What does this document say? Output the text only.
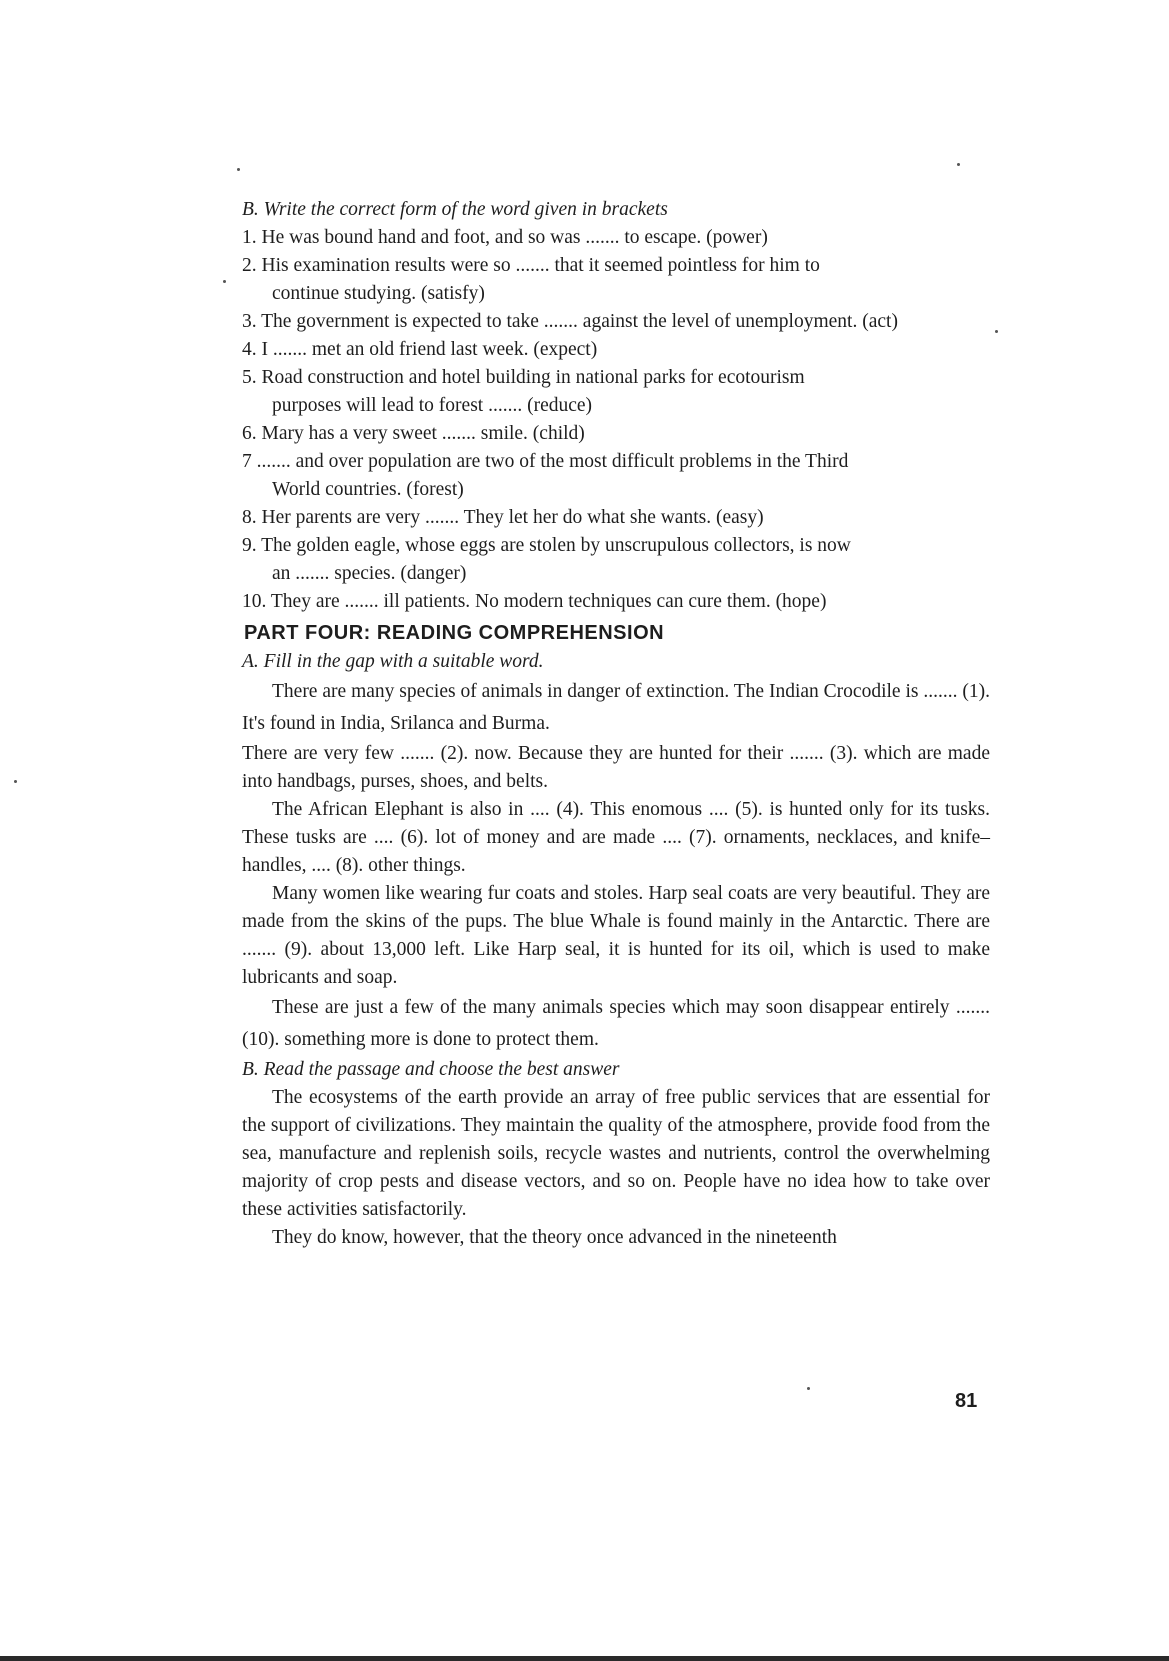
B. Write the correct form of the word given in brackets

1. He was bound hand and foot, and so was ....... to escape. (power)

2. His examination results were so ....... that it seemed pointless for him to
continue studying. (satisfy)

3. The government is expected to take ....... against the level of unemployment. (act)

4. I ....... met an old friend last week. (expect)

5. Road construction and hotel building in national parks for ecotourism
purposes will lead to forest ....... (reduce)

6. Mary has a very sweet ....... smile. (child)

7 ....... and over population are two of the most difficult problems in the Third
World countries. (forest)

8. Her parents are very ....... They let her do what she wants. (easy)

9. The golden eagle, whose eggs are stolen by unscrupulous collectors, is now
an ....... species. (danger)

10. They are ....... ill patients. No modern techniques can cure them. (hope)

PART FOUR: READING COMPREHENSION

A. Fill in the gap with a suitable word.

There are many species of animals in danger of extinction. The Indian Crocodile is ....... (1). It's found in India, Srilanca and Burma.

There are very few ....... (2). now. Because they are hunted for their ....... (3). which are made into handbags, purses, shoes, and belts.

The African Elephant is also in .... (4). This enomous .... (5). is hunted only for its tusks. These tusks are .... (6). lot of money and are made .... (7). ornaments, necklaces, and knife–handles, .... (8). other things.

Many women like wearing fur coats and stoles. Harp seal coats are very beautiful. They are made from the skins of the pups. The blue Whale is found mainly in the Antarctic. There are ....... (9). about 13,000 left. Like Harp seal, it is hunted for its oil, which is used to make lubricants and soap.

These are just a few of the many animals species which may soon disappear entirely ....... (10). something more is done to protect them.

B. Read the passage and choose the best answer

The ecosystems of the earth provide an array of free public services that are essential for the support of civilizations. They maintain the quality of the atmosphere, provide food from the sea, manufacture and replenish soils, recycle wastes and nutrients, control the overwhelming majority of crop pests and disease vectors, and so on. People have no idea how to take over these activities satisfactorily.

They do know, however, that the theory once advanced in the nineteenth

81
